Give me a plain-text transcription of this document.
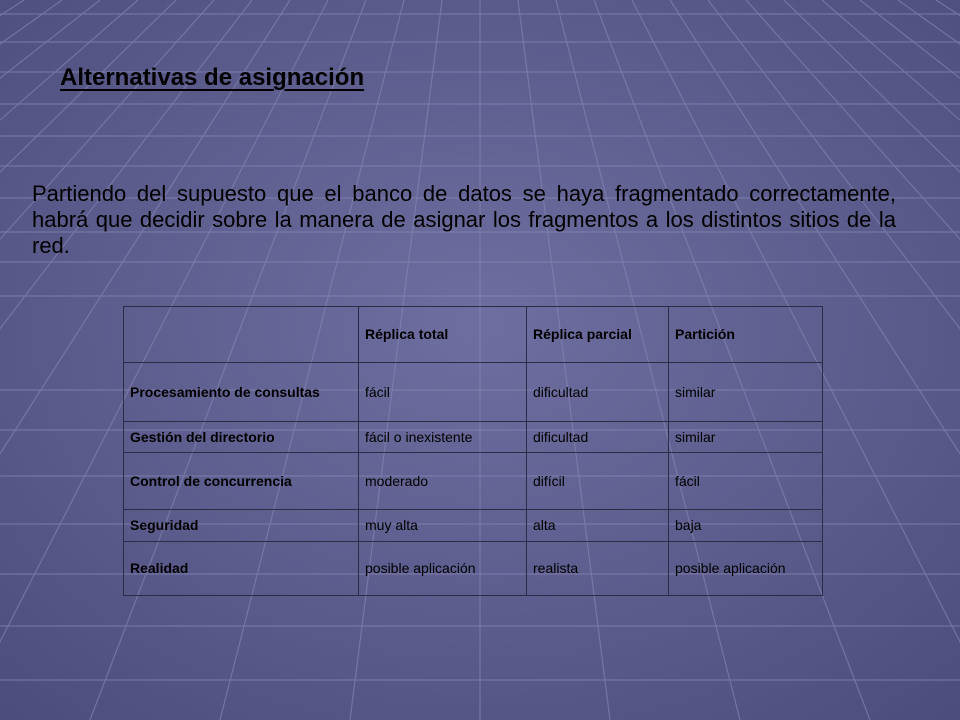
Alternativas de asignación
Partiendo del supuesto que el banco de datos se haya fragmentado correctamente, habrá que decidir sobre la manera de asignar los fragmentos a los distintos sitios de la red.
	Réplica total	Réplica parcial	Partición
Procesamiento de consultas	fácil	dificultad	similar
Gestión del directorio	fácil o inexistente	dificultad	similar
Control de concurrencia	moderado	difícil	fácil
Seguridad	muy alta	alta	baja
Realidad	posible aplicación	realista	posible aplicación
